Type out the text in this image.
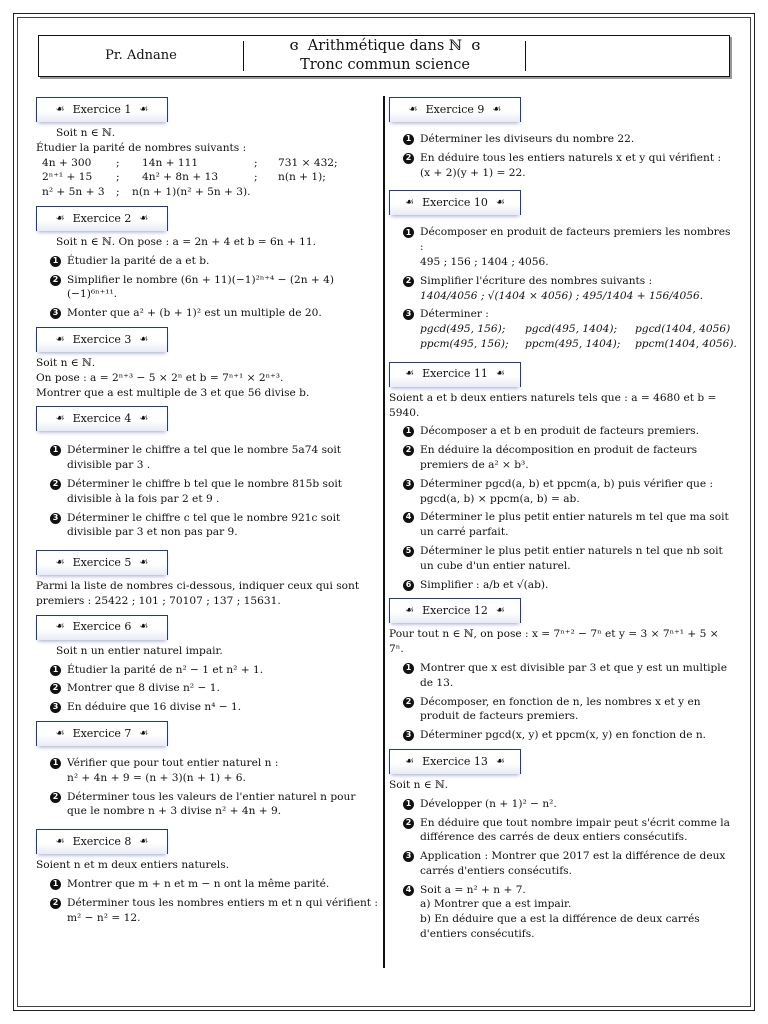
Pr. Adnane
ɞ Arithmétique dans ℕ ɞ
Tronc commun science
☙ Exercice 1 ☙
Soit n ∈ ℕ.
Étudier la parité de nombres suivants :
4n + 300	;	14n + 111	;	731 × 432;
2ⁿ⁺¹ + 15	;	4n² + 8n + 13	;	n(n + 1);
n² + 5n + 3	;	n(n + 1)(n² + 5n + 3).
☙ Exercice 2 ☙
Soit n ∈ ℕ. On pose : a = 2n + 4 et b = 6n + 11.
1 Étudier la parité de a et b.
2 Simplifier le nombre (6n + 11)(−1)²ⁿ⁺⁴ − (2n + 4)(−1)⁶ⁿ⁺¹¹.
3 Monter que a² + (b + 1)² est un multiple de 20.
☙ Exercice 3 ☙
Soit n ∈ ℕ.
On pose : a = 2ⁿ⁺³ − 5 × 2ⁿ et b = 7ⁿ⁺¹ × 2ⁿ⁺³.
Montrer que a est multiple de 3 et que 56 divise b.
☙ Exercice 4 ☙
1 Déterminer le chiffre a tel que le nombre 5a74 soit divisible par 3 .
2 Déterminer le chiffre b tel que le nombre 815b soit divisible à la fois par 2 et 9 .
3 Déterminer le chiffre c tel que le nombre 921c soit divisible par 3 et non pas par 9.
☙ Exercice 5 ☙
Parmi la liste de nombres ci-dessous, indiquer ceux qui sont premiers : 25422 ; 101 ; 70107 ; 137 ; 15631.
☙ Exercice 6 ☙
Soit n un entier naturel impair.
1 Étudier la parité de n² − 1 et n² + 1.
2 Montrer que 8 divise n² − 1.
3 En déduire que 16 divise n⁴ − 1.
☙ Exercice 7 ☙
1 Vérifier que pour tout entier naturel n :
n² + 4n + 9 = (n + 3)(n + 1) + 6.
2 Déterminer tous les valeurs de l'entier naturel n pour que le nombre n + 3 divise n² + 4n + 9.
☙ Exercice 8 ☙
Soient n et m deux entiers naturels.
1 Montrer que m + n et m − n ont la même parité.
2 Déterminer tous les nombres entiers m et n qui vérifient : m² − n² = 12.
☙ Exercice 9 ☙
1 Déterminer les diviseurs du nombre 22.
2 En déduire tous les entiers naturels x et y qui vérifient : (x + 2)(y + 1) = 22.
☙ Exercice 10 ☙
1 Décomposer en produit de facteurs premiers les nombres :
495 ; 156 ; 1404 ; 4056.
2 Simplifier l'écriture des nombres suivants :
1404/4056 ; √(1404 × 4056) ; 495/1404 + 156/4056.
3 Déterminer :
pgcd(495, 156);	pgcd(495, 1404);	pgcd(1404, 4056)
ppcm(495, 156);	ppcm(495, 1404);	ppcm(1404, 4056).
☙ Exercice 11 ☙
Soient a et b deux entiers naturels tels que : a = 4680 et b = 5940.
1 Décomposer a et b en produit de facteurs premiers.
2 En déduire la décomposition en produit de facteurs premiers de a² × b³.
3 Déterminer pgcd(a, b) et ppcm(a, b) puis vérifier que : pgcd(a, b) × ppcm(a, b) = ab.
4 Déterminer le plus petit entier naturels m tel que ma soit un carré parfait.
5 Déterminer le plus petit entier naturels n tel que nb soit un cube d'un entier naturel.
6 Simplifier : a/b et √(ab).
☙ Exercice 12 ☙
Pour tout n ∈ ℕ, on pose : x = 7ⁿ⁺² − 7ⁿ et y = 3 × 7ⁿ⁺¹ + 5 × 7ⁿ.
1 Montrer que x est divisible par 3 et que y est un multiple de 13.
2 Décomposer, en fonction de n, les nombres x et y en produit de facteurs premiers.
3 Déterminer pgcd(x, y) et ppcm(x, y) en fonction de n.
☙ Exercice 13 ☙
Soit n ∈ ℕ.
1 Développer (n + 1)² − n².
2 En déduire que tout nombre impair peut s'écrit comme la différence des carrés de deux entiers consécutifs.
3 Application : Montrer que 2017 est la différence de deux carrés d'entiers consécutifs.
4 Soit a = n² + n + 7.
a) Montrer que a est impair.
b) En déduire que a est la différence de deux carrés d'entiers consécutifs.
